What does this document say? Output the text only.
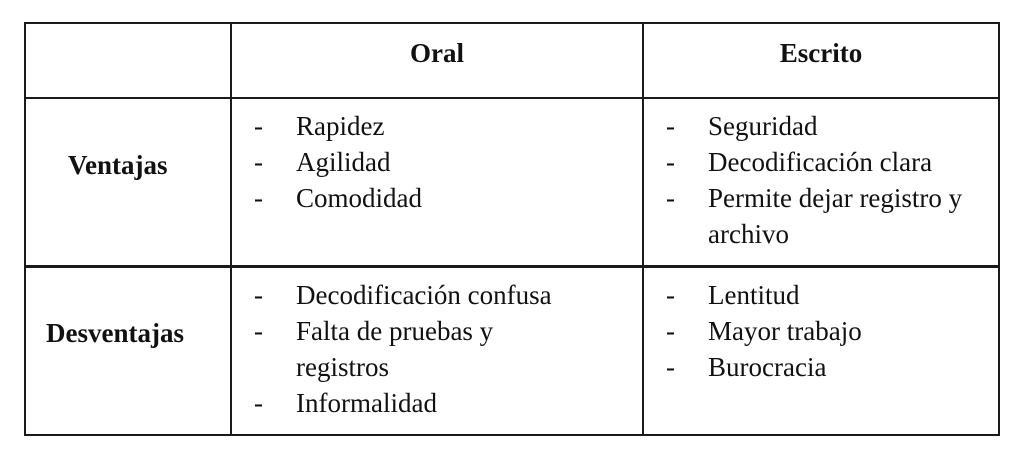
Oral	Escrito
Ventajas
- Rapidez
- Agilidad
- Comodidad
- Seguridad
- Decodificación clara
- Permite dejar registro y archivo
Desventajas
- Decodificación confusa
- Falta de pruebas y registros
- Informalidad
- Lentitud
- Mayor trabajo
- Burocracia
